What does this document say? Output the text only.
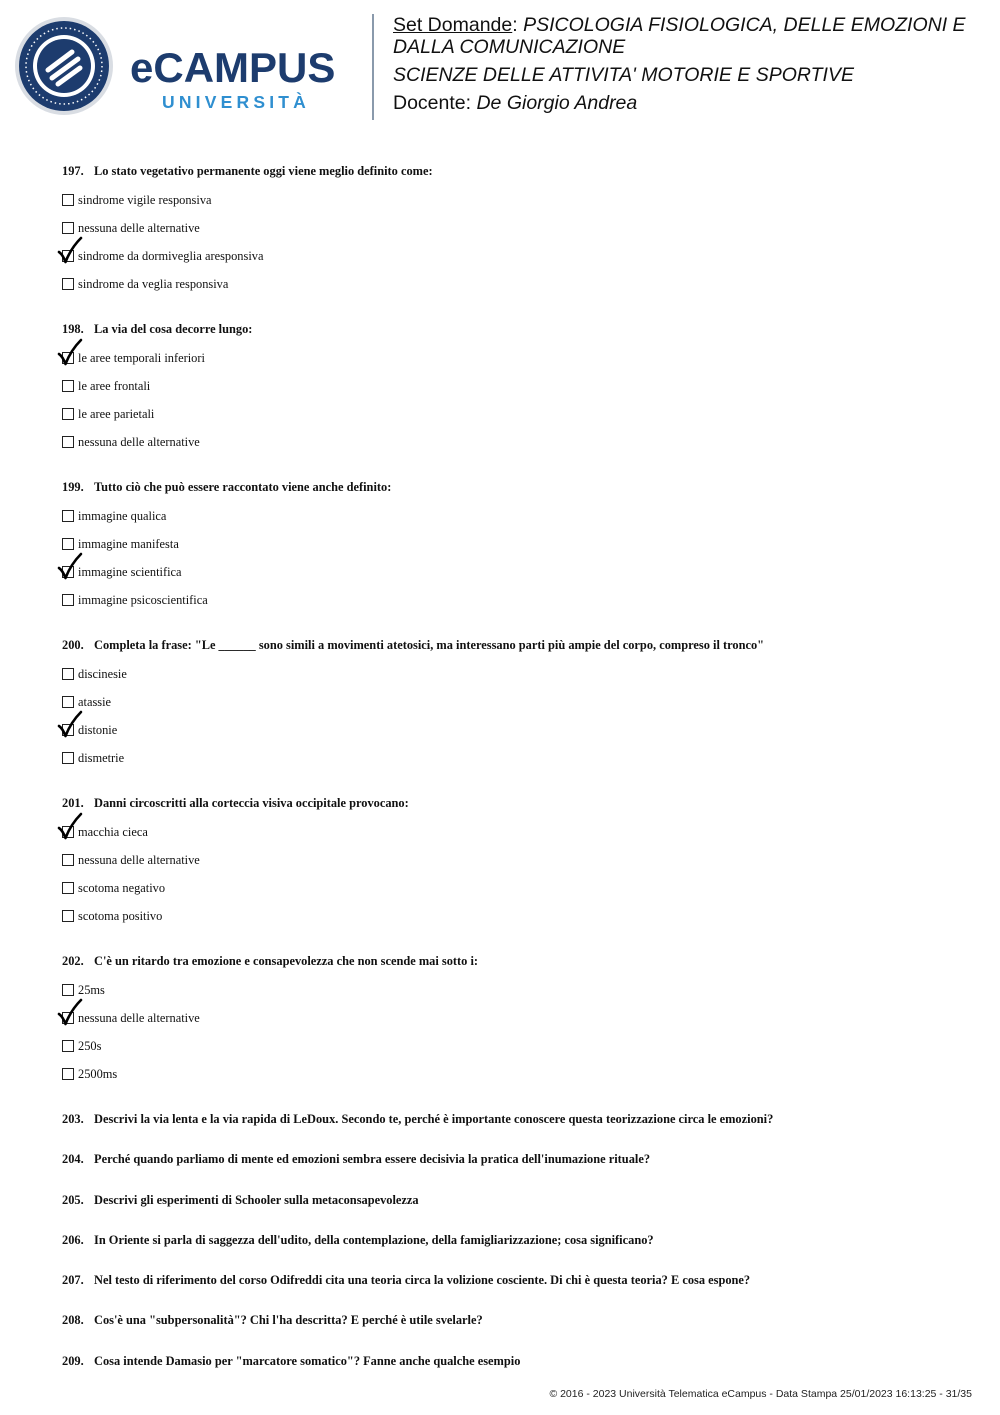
eCAMPUS
UNIVERSITÀ

Set Domande: PSICOLOGIA FISIOLOGICA, DELLE EMOZIONI E

DALLA COMUNICAZIONE

SCIENZE DELLE ATTIVITA' MOTORIE E SPORTIVE

Docente: De Giorgio Andrea

197. Lo stato vegetativo permanente oggi viene meglio definito come:
sindrome vigile responsiva
nessuna delle alternative
sindrome da dormiveglia aresponsiva
sindrome da veglia responsiva
198. La via del cosa decorre lungo:
le aree temporali inferiori
le aree frontali
le aree parietali
nessuna delle alternative
199. Tutto ciò che può essere raccontato viene anche definito:
immagine qualica
immagine manifesta
immagine scientifica
immagine psicoscientifica
200. Completa la frase: "Le ______ sono simili a movimenti atetosici, ma interessano parti più ampie del corpo, compreso il tronco"
discinesie
atassie
distonie
dismetrie
201. Danni circoscritti alla corteccia visiva occipitale provocano:
macchia cieca
nessuna delle alternative
scotoma negativo
scotoma positivo
202. C'è un ritardo tra emozione e consapevolezza che non scende mai sotto i:
25ms
nessuna delle alternative
250s
2500ms
203. Descrivi la via lenta e la via rapida di LeDoux. Secondo te, perché è importante conoscere questa teorizzazione circa le emozioni?
204. Perché quando parliamo di mente ed emozioni sembra essere decisivia la pratica dell'inumazione rituale?
205. Descrivi gli esperimenti di Schooler sulla metaconsapevolezza
206. In Oriente si parla di saggezza dell'udito, della contemplazione, della famigliarizzazione; cosa significano?
207. Nel testo di riferimento del corso Odifreddi cita una teoria circa la volizione cosciente. Di chi è questa teoria? E cosa espone?
208. Cos'è una "subpersonalità"? Chi l'ha descritta? E perché è utile svelarle?
209. Cosa intende Damasio per "marcatore somatico"? Fanne anche qualche esempio
© 2016 - 2023 Università Telematica eCampus - Data Stampa 25/01/2023 16:13:25 - 31/35
